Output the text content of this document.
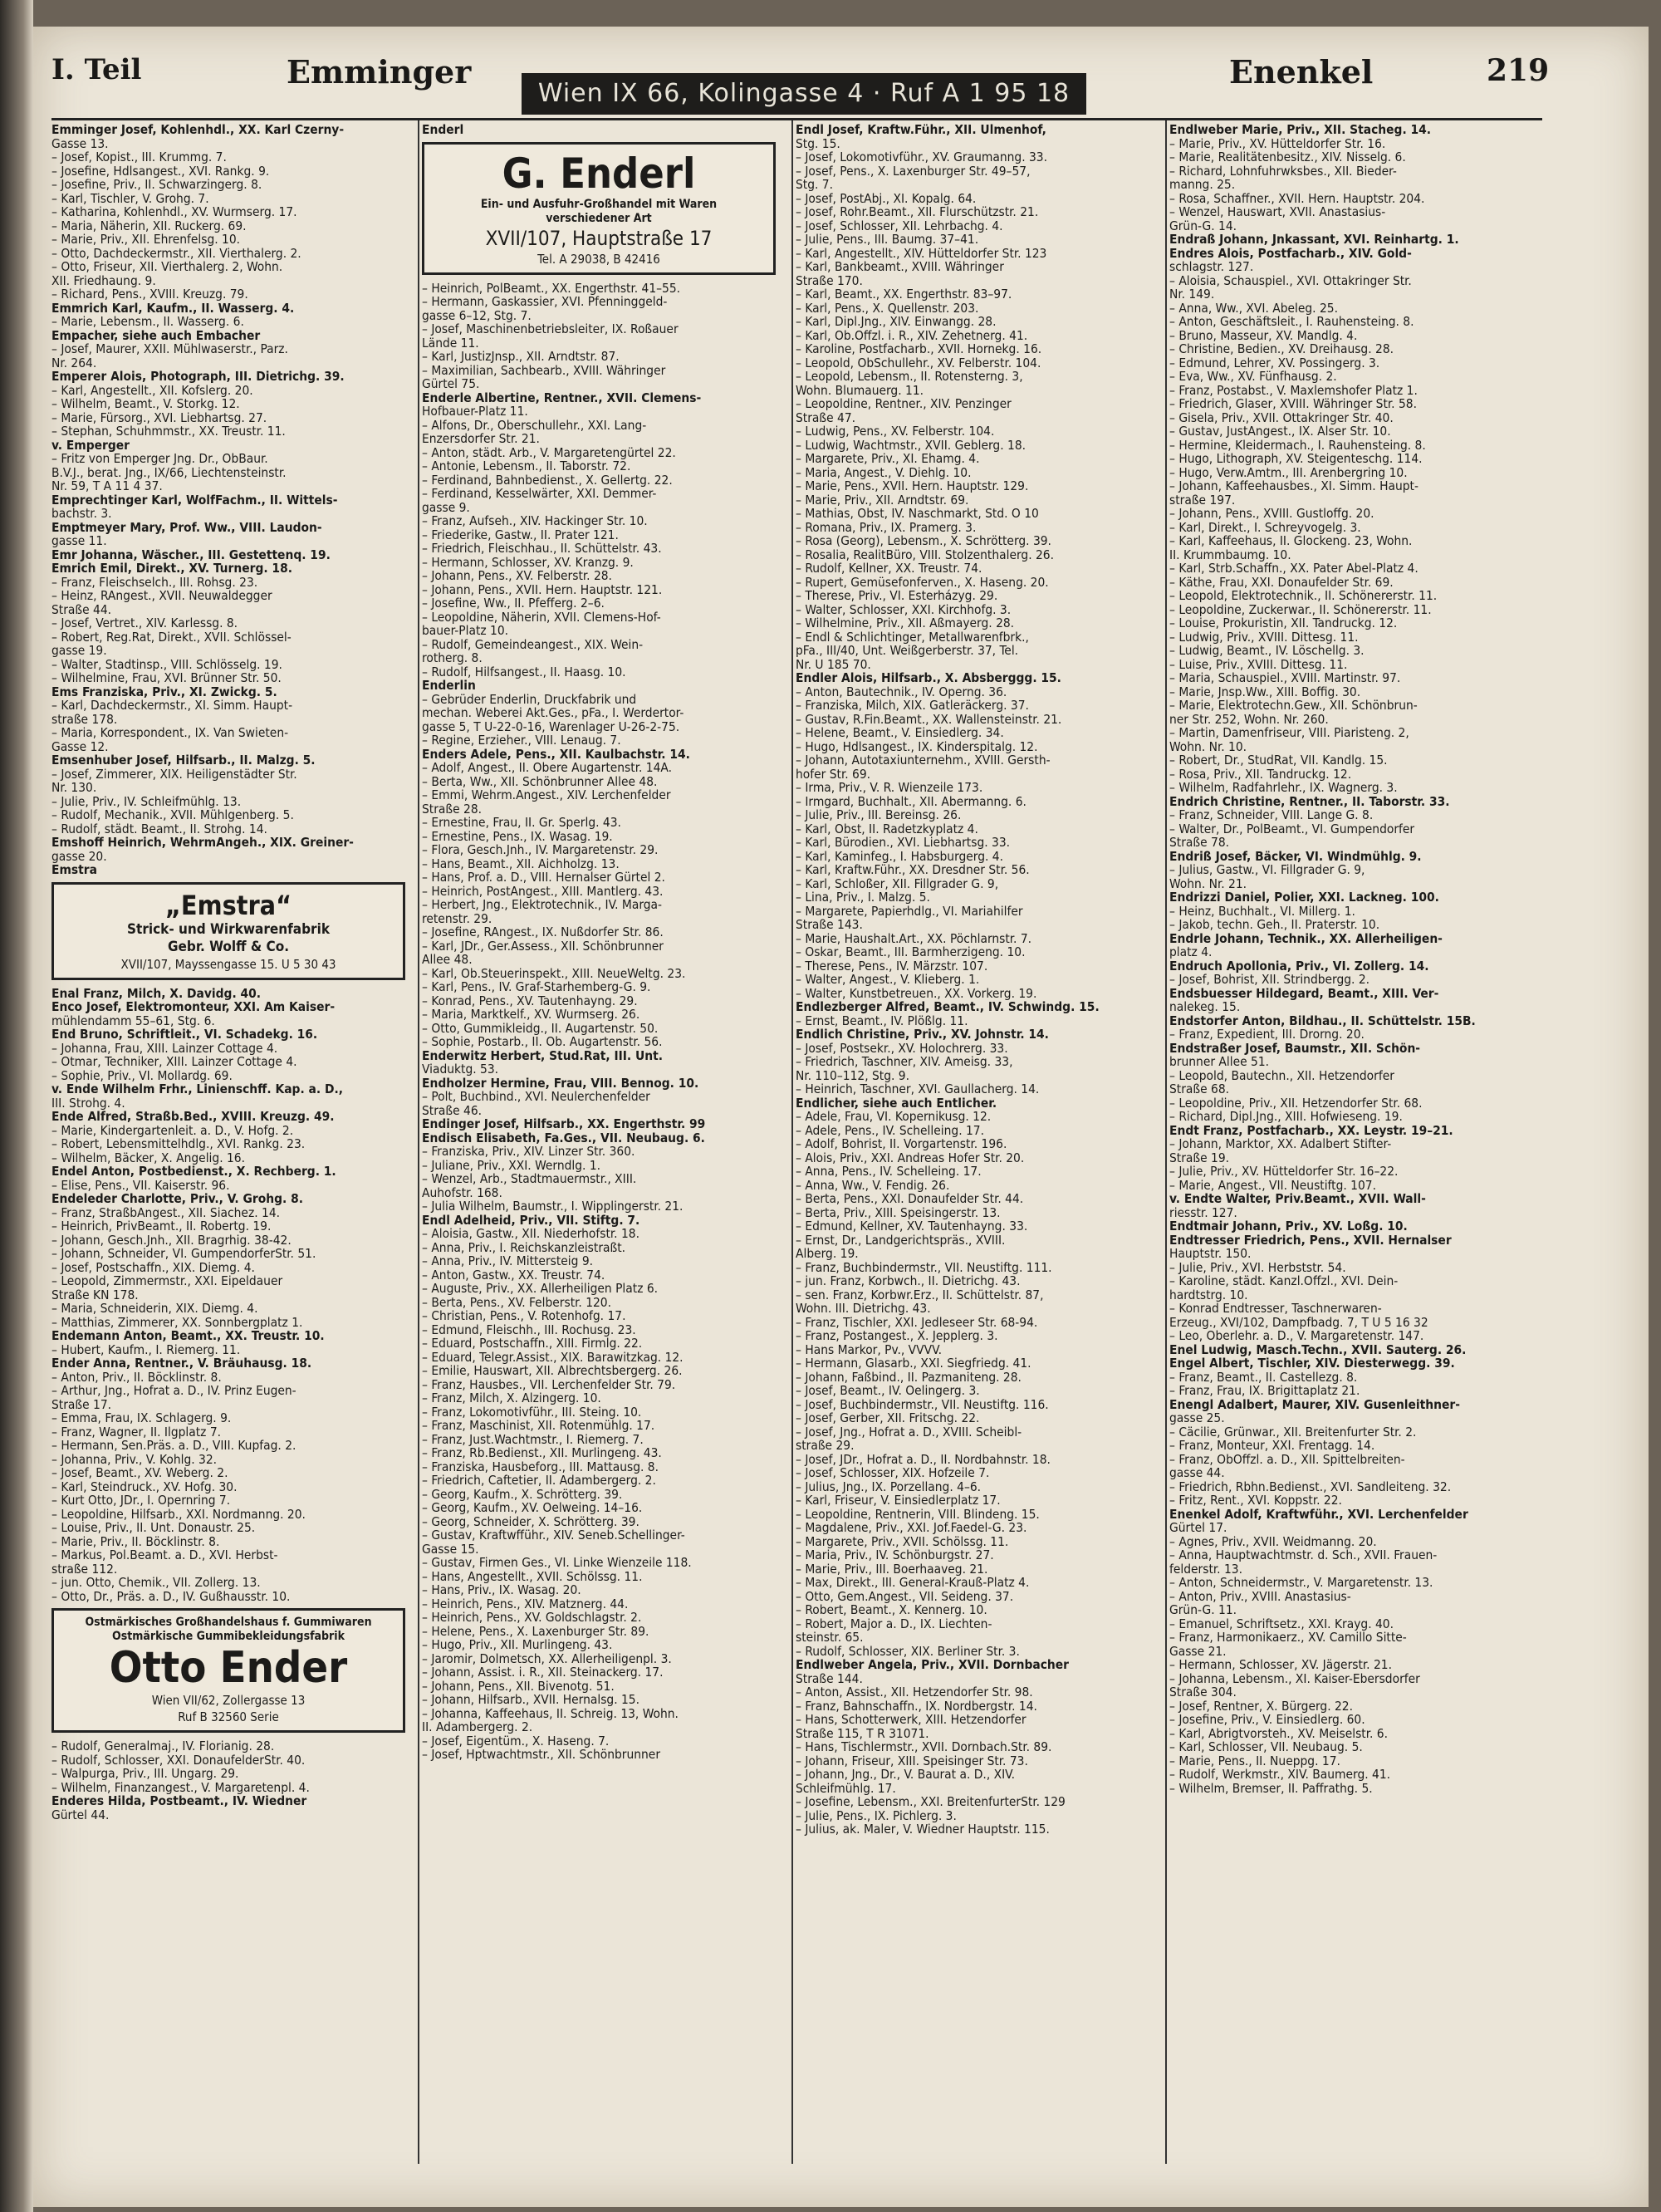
I. Teil	Emminger
Wien IX 66, Kolingasse 4 · Ruf A 1 95 18
Enenkel	219
Emminger Josef, Kohlenhdl., XX. Karl Czerny-
Gasse 13.
– Josef, Kopist., III. Krummg. 7.
– Josefine, Hdlsangest., XVI. Rankg. 9.
– Josefine, Priv., II. Schwarzingerg. 8.
– Karl, Tischler, V. Grohg. 7.
– Katharina, Kohlenhdl., XV. Wurmserg. 17.
– Maria, Näherin, XII. Ruckerg. 69.
– Marie, Priv., XII. Ehrenfelsg. 10.
– Otto, Dachdeckermstr., XII. Vierthalerg. 2.
– Otto, Friseur, XII. Vierthalerg. 2, Wohn.
XII. Friedhaung. 9.
– Richard, Pens., XVIII. Kreuzg. 79.
Emmrich Karl, Kaufm., II. Wasserg. 4.
– Marie, Lebensm., II. Wasserg. 6.
Empacher, siehe auch Embacher
– Josef, Maurer, XXII. Mühlwaserstr., Parz.
Nr. 264.
Emperer Alois, Photograph, III. Dietrichg. 39.
– Karl, Angestellt., XII. Kofslerg. 20.
– Wilhelm, Beamt., V. Storkg. 12.
– Marie, Fürsorg., XVI. Liebhartsg. 27.
– Stephan, Schuhmmstr., XX. Treustr. 11.
v. Emperger
– Fritz von Emperger Jng. Dr., ObBaur.
B.V.J., berat. Jng., IX/66, Liechtensteinstr.
Nr. 59, T A 11 4 37.
Emprechtinger Karl, WolfFachm., II. Wittels-
bachstr. 3.
Emptmeyer Mary, Prof. Ww., VIII. Laudon-
gasse 11.
Emr Johanna, Wäscher., III. Gestettenq. 19.
Emrich Emil, Direkt., XV. Turnerg. 18.
– Franz, Fleischselch., III. Rohsg. 23.
– Heinz, RAngest., XVII. Neuwaldegger
Straße 44.
– Josef, Vertret., XIV. Karlessg. 8.
– Robert, Reg.Rat, Direkt., XVII. Schlössel-
gasse 19.
– Walter, Stadtinsp., VIII. Schlösselg. 19.
– Wilhelmine, Frau, XVI. Brünner Str. 50.
Ems Franziska, Priv., XI. Zwickg. 5.
– Karl, Dachdeckermstr., XI. Simm. Haupt-
straße 178.
– Maria, Korrespondent., IX. Van Swieten-
Gasse 12.
Emsenhuber Josef, Hilfsarb., II. Malzg. 5.
– Josef, Zimmerer, XIX. Heiligenstädter Str.
Nr. 130.
– Julie, Priv., IV. Schleifmühlg. 13.
– Rudolf, Mechanik., XVII. Mühlgenberg. 5.
– Rudolf, städt. Beamt., II. Strohg. 14.
Emshoff Heinrich, WehrmAngeh., XIX. Greiner-
gasse 20.
Emstra
„Emstra“
Strick- und Wirkwarenfabrik
Gebr. Wolff & Co.
XVII/107, Mayssengasse 15. U 5 30 43
Enal Franz, Milch, X. Davidg. 40.
Enco Josef, Elektromonteur, XXI. Am Kaiser-
mühlendamm 55–61, Stg. 6.
End Bruno, Schriftleit., VI. Schadekg. 16.
– Johanna, Frau, XIII. Lainzer Cottage 4.
– Otmar, Techniker, XIII. Lainzer Cottage 4.
– Sophie, Priv., VI. Mollardg. 69.
v. Ende Wilhelm Frhr., Linienschff. Kap. a. D.,
III. Strohg. 4.
Ende Alfred, Straßb.Bed., XVIII. Kreuzg. 49.
– Marie, Kindergartenleit. a. D., V. Hofg. 2.
– Robert, Lebensmittelhdlg., XVI. Rankg. 23.
– Wilhelm, Bäcker, X. Angelig. 16.
Endel Anton, Postbedienst., X. Rechberg. 1.
– Elise, Pens., VII. Kaiserstr. 96.
Endeleder Charlotte, Priv., V. Grohg. 8.
– Franz, StraßbAngest., XII. Siachez. 14.
– Heinrich, PrivBeamt., II. Robertg. 19.
– Johann, Gesch.Jnh., XII. Bragrhig. 38-42.
– Johann, Schneider, VI. GumpendorferStr. 51.
– Josef, Postschaffn., XIX. Diemg. 4.
– Leopold, Zimmermstr., XXI. Eipeldauer
Straße KN 178.
– Maria, Schneiderin, XIX. Diemg. 4.
– Matthias, Zimmerer, XX. Sonnbergplatz 1.
Endemann Anton, Beamt., XX. Treustr. 10.
– Hubert, Kaufm., I. Riemerg. 11.
Ender Anna, Rentner., V. Bräuhausg. 18.
– Anton, Priv., II. Böcklinstr. 8.
– Arthur, Jng., Hofrat a. D., IV. Prinz Eugen-
Straße 17.
– Emma, Frau, IX. Schlagerg. 9.
– Franz, Wagner, II. Ilgplatz 7.
– Hermann, Sen.Präs. a. D., VIII. Kupfag. 2.
– Johanna, Priv., V. Kohlg. 32.
– Josef, Beamt., XV. Weberg. 2.
– Karl, Steindruck., XV. Hofg. 30.
– Kurt Otto, JDr., I. Opernring 7.
– Leopoldine, Hilfsarb., XXI. Nordmanng. 20.
– Louise, Priv., II. Unt. Donaustr. 25.
– Marie, Priv., II. Böcklinstr. 8.
– Markus, Pol.Beamt. a. D., XVI. Herbst-
straße 112.
– jun. Otto, Chemik., VII. Zollerg. 13.
– Otto, Dr., Präs. a. D., IV. Gußhausstr. 10.
Ostmärkisches Großhandelshaus f. Gummiwaren
Ostmärkische Gummibekleidungsfabrik
Otto Ender
Wien VII/62, Zollergasse 13
Ruf B 32560 Serie
– Rudolf, Generalmaj., IV. Florianig. 28.
– Rudolf, Schlosser, XXI. DonaufelderStr. 40.
– Walpurga, Priv., III. Ungarg. 29.
– Wilhelm, Finanzangest., V. Margaretenpl. 4.
Enderes Hilda, Postbeamt., IV. Wiedner
Gürtel 44.
Enderl
G. Enderl
Ein- und Ausfuhr-Großhandel mit Waren
verschiedener Art
XVII/107, Hauptstraße 17
Tel. A 29038, B 42416
– Heinrich, PolBeamt., XX. Engerthstr. 41–55.
– Hermann, Gaskassier, XVI. Pfenninggeld-
gasse 6–12, Stg. 7.
– Josef, Maschinenbetriebsleiter, IX. Roßauer
Lände 11.
– Karl, JustizJnsp., XII. Arndtstr. 87.
– Maximilian, Sachbearb., XVIII. Währinger
Gürtel 75.
Enderle Albertine, Rentner., XVII. Clemens-
Hofbauer-Platz 11.
– Alfons, Dr., Oberschullehr., XXI. Lang-
Enzersdorfer Str. 21.
– Anton, städt. Arb., V. Margaretengürtel 22.
– Antonie, Lebensm., II. Taborstr. 72.
– Ferdinand, Bahnbedienst., X. Gellertg. 22.
– Ferdinand, Kesselwärter, XXI. Demmer-
gasse 9.
– Franz, Aufseh., XIV. Hackinger Str. 10.
– Friederike, Gastw., II. Prater 121.
– Friedrich, Fleischhau., II. Schüttelstr. 43.
– Hermann, Schlosser, XV. Kranzg. 9.
– Johann, Pens., XV. Felberstr. 28.
– Johann, Pens., XVII. Hern. Hauptstr. 121.
– Josefine, Ww., II. Pfefferg. 2–6.
– Leopoldine, Näherin, XVII. Clemens-Hof-
bauer-Platz 10.
– Rudolf, Gemeindeangest., XIX. Wein-
rotherg. 8.
– Rudolf, Hilfsangest., II. Haasg. 10.
Enderlin
– Gebrüder Enderlin, Druckfabrik und
mechan. Weberei Akt.Ges., pFa., I. Werdertor-
gasse 5, T U-22-0-16, Warenlager U-26-2-75.
– Regine, Erzieher., VIII. Lenaug. 7.
Enders Adele, Pens., XII. Kaulbachstr. 14.
– Adolf, Angest., II. Obere Augartenstr. 14A.
– Berta, Ww., XII. Schönbrunner Allee 48.
– Emmi, Wehrm.Angest., XIV. Lerchenfelder
Straße 28.
– Ernestine, Frau, II. Gr. Sperlg. 43.
– Ernestine, Pens., IX. Wasag. 19.
– Flora, Gesch.Jnh., IV. Margaretenstr. 29.
– Hans, Beamt., XII. Aichholzg. 13.
– Hans, Prof. a. D., VIII. Hernalser Gürtel 2.
– Heinrich, PostAngest., XIII. Mantlerg. 43.
– Herbert, Jng., Elektrotechnik., IV. Marga-
retenstr. 29.
– Josefine, RAngest., IX. Nußdorfer Str. 86.
– Karl, JDr., Ger.Assess., XII. Schönbrunner
Allee 48.
– Karl, Ob.Steuerinspekt., XIII. NeueWeltg. 23.
– Karl, Pens., IV. Graf-Starhemberg-G. 9.
– Konrad, Pens., XV. Tautenhayng. 29.
– Maria, Marktkelf., XV. Wurmserg. 26.
– Otto, Gummikleidg., II. Augartenstr. 50.
– Sophie, Postarb., II. Ob. Augartenstr. 56.
Enderwitz Herbert, Stud.Rat, III. Unt.
Viaduktg. 53.
Endholzer Hermine, Frau, VIII. Bennog. 10.
– Polt, Buchbind., XVI. Neulerchenfelder
Straße 46.
Endinger Josef, Hilfsarb., XX. Engerthstr. 99
Endisch Elisabeth, Fa.Ges., VII. Neubaug. 6.
– Franziska, Priv., XIV. Linzer Str. 360.
– Juliane, Priv., XXI. Werndlg. 1.
– Wenzel, Arb., Stadtmauermstr., XIII.
Auhofstr. 168.
– Julia Wilhelm, Baumstr., I. Wipplingerstr. 21.
Endl Adelheid, Priv., VII. Stiftg. 7.
– Aloisia, Gastw., XII. Niederhofstr. 18.
– Anna, Priv., I. Reichskanzleistraßt.
– Anna, Priv., IV. Mittersteig 9.
– Anton, Gastw., XX. Treustr. 74.
– Auguste, Priv., XX. Allerheiligen Platz 6.
– Berta, Pens., XV. Felberstr. 120.
– Christian, Pens., V. Rotenhofg. 17.
– Edmund, Fleischh., III. Rochusg. 23.
– Eduard, Postschaffn., XIII. Firmlg. 22.
– Eduard, Telegr.Assist., XIX. Barawitzkag. 12.
– Emilie, Hauswart, XII. Albrechtsbergerg. 26.
– Franz, Hausbes., VII. Lerchenfelder Str. 79.
– Franz, Milch, X. Alzingerg. 10.
– Franz, Lokomotivführ., III. Steing. 10.
– Franz, Maschinist, XII. Rotenmühlg. 17.
– Franz, Just.Wachtmstr., I. Riemerg. 7.
– Franz, Rb.Bedienst., XII. Murlingeng. 43.
– Franziska, Hausbeforg., III. Mattausg. 8.
– Friedrich, Caftetier, II. Adambergerg. 2.
– Georg, Kaufm., X. Schrötterg. 39.
– Georg, Kaufm., XV. Oelweing. 14–16.
– Georg, Schneider, X. Schrötterg. 39.
– Gustav, Kraftwfführ., XIV. Seneb.Schellinger-
Gasse 15.
– Gustav, Firmen Ges., VI. Linke Wienzeile 118.
– Hans, Angestellt., XVII. Schölssg. 11.
– Hans, Priv., IX. Wasag. 20.
– Heinrich, Pens., XIV. Matznerg. 44.
– Heinrich, Pens., XV. Goldschlagstr. 2.
– Helene, Pens., X. Laxenburger Str. 89.
– Hugo, Priv., XII. Murlingeng. 43.
– Jaromir, Dolmetsch, XX. Allerheiligenpl. 3.
– Johann, Assist. i. R., XII. Steinackerg. 17.
– Johann, Pens., XII. Bivenotg. 51.
– Johann, Hilfsarb., XVII. Hernalsg. 15.
– Johanna, Kaffeehaus, II. Schreig. 13, Wohn.
II. Adambergerg. 2.
– Josef, Eigentüm., X. Haseng. 7.
– Josef, Hptwachtmstr., XII. Schönbrunner
Endl Josef, Kraftw.Führ., XII. Ulmenhof,
Stg. 15.
– Josef, Lokomotivführ., XV. Graumanng. 33.
– Josef, Pens., X. Laxenburger Str. 49–57,
Stg. 7.
– Josef, PostAbj., XI. Kopalg. 64.
– Josef, Rohr.Beamt., XII. Flurschützstr. 21.
– Josef, Schlosser, XII. Lehrbachg. 4.
– Julie, Pens., III. Baumg. 37–41.
– Karl, Angestellt., XIV. Hütteldorfer Str. 123
– Karl, Bankbeamt., XVIII. Währinger
Straße 170.
– Karl, Beamt., XX. Engerthstr. 83–97.
– Karl, Pens., X. Quellenstr. 203.
– Karl, Dipl.Jng., XIV. Einwangg. 28.
– Karl, Ob.Offzl. i. R., XIV. Zehetnerg. 41.
– Karoline, Postfacharb., XVII. Hornekg. 16.
– Leopold, ObSchullehr., XV. Felberstr. 104.
– Leopold, Lebensm., II. Rotensterng. 3,
Wohn. Blumauerg. 11.
– Leopoldine, Rentner., XIV. Penzinger
Straße 47.
– Ludwig, Pens., XV. Felberstr. 104.
– Ludwig, Wachtmstr., XVII. Geblerg. 18.
– Margarete, Priv., XI. Ehamg. 4.
– Maria, Angest., V. Diehlg. 10.
– Marie, Pens., XVII. Hern. Hauptstr. 129.
– Marie, Priv., XII. Arndtstr. 69.
– Mathias, Obst, IV. Naschmarkt, Std. O 10
– Romana, Priv., IX. Pramerg. 3.
– Rosa (Georg), Lebensm., X. Schrötterg. 39.
– Rosalia, RealitBüro, VIII. Stolzenthalerg. 26.
– Rudolf, Kellner, XX. Treustr. 74.
– Rupert, Gemüsefonferven., X. Haseng. 20.
– Therese, Priv., VI. Esterházyg. 29.
– Walter, Schlosser, XXI. Kirchhofg. 3.
– Wilhelmine, Priv., XII. Aßmayerg. 28.
– Endl & Schlichtinger, Metallwarenfbrk.,
pFa., III/40, Unt. Weißgerberstr. 37, Tel.
Nr. U 185 70.
Endler Alois, Hilfsarb., X. Absberggg. 15.
– Anton, Bautechnik., IV. Operng. 36.
– Franziska, Milch, XIX. Gatleräckerg. 37.
– Gustav, R.Fin.Beamt., XX. Wallensteinstr. 21.
– Helene, Beamt., V. Einsiedlerg. 34.
– Hugo, Hdlsangest., IX. Kinderspitalg. 12.
– Johann, Autotaxiunternehm., XVIII. Gersth-
hofer Str. 69.
– Irma, Priv., V. R. Wienzeile 173.
– Irmgard, Buchhalt., XII. Abermanng. 6.
– Julie, Priv., III. Bereinsg. 26.
– Karl, Obst, II. Radetzkyplatz 4.
– Karl, Bürodien., XVI. Liebhartsg. 33.
– Karl, Kaminfeg., I. Habsburgerg. 4.
– Karl, Kraftw.Führ., XX. Dresdner Str. 56.
– Karl, Schloßer, XII. Fillgrader G. 9,
– Lina, Priv., I. Malzg. 5.
– Margarete, Papierhdlg., VI. Mariahilfer
Straße 143.
– Marie, Haushalt.Art., XX. Pöchlarnstr. 7.
– Oskar, Beamt., III. Barmherzigeng. 10.
– Therese, Pens., IV. Märzstr. 107.
– Walter, Angest., V. Klieberg. 1.
– Walter, Kunstbetreuen., XX. Vorkerg. 19.
Endlezberger Alfred, Beamt., IV. Schwindg. 15.
– Ernst, Beamt., IV. Plößlg. 11.
Endlich Christine, Priv., XV. Johnstr. 14.
– Josef, Postsekr., XV. Holochrerg. 33.
– Friedrich, Taschner, XIV. Ameisg. 33,
Nr. 110–112, Stg. 9.
– Heinrich, Taschner, XVI. Gaullacherg. 14.
Endlicher, siehe auch Entlicher.
– Adele, Frau, VI. Kopernikusg. 12.
– Adele, Pens., IV. Schelleing. 17.
– Adolf, Bohrist, II. Vorgartenstr. 196.
– Alois, Priv., XXI. Andreas Hofer Str. 20.
– Anna, Pens., IV. Schelleing. 17.
– Anna, Ww., V. Fendig. 26.
– Berta, Pens., XXI. Donaufelder Str. 44.
– Berta, Priv., XIII. Speisingerstr. 13.
– Edmund, Kellner, XV. Tautenhayng. 33.
– Ernst, Dr., Landgerichtspräs., XVIII.
Alberg. 19.
– Franz, Buchbindermstr., VII. Neustiftg. 111.
– jun. Franz, Korbwch., II. Dietrichg. 43.
– sen. Franz, Korbwr.Erz., II. Schüttelstr. 87,
Wohn. III. Dietrichg. 43.
– Franz, Tischler, XXI. Jedleseer Str. 68-94.
– Franz, Postangest., X. Jepplerg. 3.
– Hans Markor, Pv., VVVV.
– Hermann, Glasarb., XXI. Siegfriedg. 41.
– Johann, Faßbind., II. Pazmaniteng. 28.
– Josef, Beamt., IV. Oelingerg. 3.
– Josef, Buchbindermstr., VII. Neustiftg. 116.
– Josef, Gerber, XII. Fritschg. 22.
– Josef, Jng., Hofrat a. D., XVIII. Scheibl-
straße 29.
– Josef, JDr., Hofrat a. D., II. Nordbahnstr. 18.
– Josef, Schlosser, XIX. Hofzeile 7.
– Julius, Jng., IX. Porzellang. 4–6.
– Karl, Friseur, V. Einsiedlerplatz 17.
– Leopoldine, Rentnerin, VIII. Blindeng. 15.
– Magdalene, Priv., XXI. Jof.Faedel-G. 23.
– Margarete, Priv., XVII. Schölssg. 11.
– Maria, Priv., IV. Schönburgstr. 27.
– Marie, Priv., III. Boerhaaveg. 21.
– Max, Direkt., III. General-Krauß-Platz 4.
– Otto, Gem.Angest., VII. Seideng. 37.
– Robert, Beamt., X. Kennerg. 10.
– Robert, Major a. D., IX. Liechten-
steinstr. 65.
– Rudolf, Schlosser, XIX. Berliner Str. 3.
Endlweber Angela, Priv., XVII. Dornbacher
Straße 144.
– Anton, Assist., XII. Hetzendorfer Str. 98.
– Franz, Bahnschaffn., IX. Nordbergstr. 14.
– Hans, Schotterwerk, XIII. Hetzendorfer
Straße 115, T R 31071.
– Hans, Tischlermstr., XVII. Dornbach.Str. 89.
– Johann, Friseur, XIII. Speisinger Str. 73.
– Johann, Jng., Dr., V. Baurat a. D., XIV.
Schleifmühlg. 17.
– Josefine, Lebensm., XXI. BreitenfurterStr. 129
– Julie, Pens., IX. Pichlerg. 3.
– Julius, ak. Maler, V. Wiedner Hauptstr. 115.
Endlweber Marie, Priv., XII. Stacheg. 14.
– Marie, Priv., XV. Hütteldorfer Str. 16.
– Marie, Realitätenbesitz., XIV. Nisselg. 6.
– Richard, Lohnfuhrwksbes., XII. Bieder-
manng. 25.
– Rosa, Schaffner., XVII. Hern. Hauptstr. 204.
– Wenzel, Hauswart, XVII. Anastasius-
Grün-G. 14.
Endraß Johann, Jnkassant, XVI. Reinhartg. 1.
Endres Alois, Postfacharb., XIV. Gold-
schlagstr. 127.
– Aloisia, Schauspiel., XVI. Ottakringer Str.
Nr. 149.
– Anna, Ww., XVI. Abeleg. 25.
– Anton, Geschäftsleit., I. Rauhensteing. 8.
– Bruno, Masseur, XV. Mandlg. 4.
– Christine, Bedien., XV. Dreihausg. 28.
– Edmund, Lehrer, XV. Possingerg. 3.
– Eva, Ww., XV. Fünfhausg. 2.
– Franz, Postabst., V. Maxlemshofer Platz 1.
– Friedrich, Glaser, XVIII. Währinger Str. 58.
– Gisela, Priv., XVII. Ottakringer Str. 40.
– Gustav, JustAngest., IX. Alser Str. 10.
– Hermine, Kleidermach., I. Rauhensteing. 8.
– Hugo, Lithograph, XV. Steigenteschg. 114.
– Hugo, Verw.Amtm., III. Arenbergring 10.
– Johann, Kaffeehausbes., XI. Simm. Haupt-
straße 197.
– Johann, Pens., XVIII. Gustloffg. 20.
– Karl, Direkt., I. Schreyvogelg. 3.
– Karl, Kaffeehaus, II. Glockeng. 23, Wohn.
II. Krummbaumg. 10.
– Karl, Strb.Schaffn., XX. Pater Abel-Platz 4.
– Käthe, Frau, XXI. Donaufelder Str. 69.
– Leopold, Elektrotechnik., II. Schönererstr. 11.
– Leopoldine, Zuckerwar., II. Schönererstr. 11.
– Louise, Prokuristin, XII. Tandruckg. 12.
– Ludwig, Priv., XVIII. Dittesg. 11.
– Ludwig, Beamt., IV. Löschellg. 3.
– Luise, Priv., XVIII. Dittesg. 11.
– Maria, Schauspiel., XVIII. Martinstr. 97.
– Marie, Jnsp.Ww., XIII. Boffig. 30.
– Marie, Elektrotechn.Gew., XII. Schönbrun-
ner Str. 252, Wohn. Nr. 260.
– Martin, Damenfriseur, VIII. Piaristeng. 2,
Wohn. Nr. 10.
– Robert, Dr., StudRat, VII. Kandlg. 15.
– Rosa, Priv., XII. Tandruckg. 12.
– Wilhelm, Radfahrlehr., IX. Wagnerg. 3.
Endrich Christine, Rentner., II. Taborstr. 33.
– Franz, Schneider, VIII. Lange G. 8.
– Walter, Dr., PolBeamt., VI. Gumpendorfer
Straße 78.
Endriß Josef, Bäcker, VI. Windmühlg. 9.
– Julius, Gastw., VI. Fillgrader G. 9,
Wohn. Nr. 21.
Endrizzi Daniel, Polier, XXI. Lackneg. 100.
– Heinz, Buchhalt., VI. Millerg. 1.
– Jakob, techn. Geh., II. Praterstr. 10.
Endrle Johann, Technik., XX. Allerheiligen-
platz 4.
Endruch Apollonia, Priv., VI. Zollerg. 14.
– Josef, Bohrist, XII. Strindbergg. 2.
Endsbuesser Hildegard, Beamt., XIII. Ver-
nalekeg. 15.
Endstorfer Anton, Bildhau., II. Schüttelstr. 15B.
– Franz, Expedient, III. Drorng. 20.
Endstraßer Josef, Baumstr., XII. Schön-
brunner Allee 51.
– Leopold, Bautechn., XII. Hetzendorfer
Straße 68.
– Leopoldine, Priv., XII. Hetzendorfer Str. 68.
– Richard, Dipl.Jng., XIII. Hofwiesenɡ. 19.
Endt Franz, Postfacharb., XX. Leystr. 19–21.
– Johann, Marktor, XX. Adalbert Stifter-
Straße 19.
– Julie, Priv., XV. Hütteldorfer Str. 16–22.
– Marie, Angest., VII. Neustiftg. 107.
v. Endte Walter, Priv.Beamt., XVII. Wall-
riesstr. 127.
Endtmair Johann, Priv., XV. Loßg. 10.
Endtresser Friedrich, Pens., XVII. Hernalser
Hauptstr. 150.
– Julie, Priv., XVI. Herbststr. 54.
– Karoline, städt. Kanzl.Offzl., XVI. Dein-
hardtstrg. 10.
– Konrad Endtresser, Taschnerwaren-
Erzeug., XVI/102, Dampfbadg. 7, T U 5 16 32
– Leo, Oberlehr. a. D., V. Margaretenstr. 147.
Enel Ludwig, Masch.Techn., XVII. Sauterg. 26.
Engel Albert, Tischler, XIV. Diesterwegg. 39.
– Franz, Beamt., II. Castellezg. 8.
– Franz, Frau, IX. Brigittaplatz 21.
Enengl Adalbert, Maurer, XIV. Gusenleithner-
gasse 25.
– Cäcilie, Grünwar., XII. Breitenfurter Str. 2.
– Franz, Monteur, XXI. Frentagg. 14.
– Franz, ObOffzl. a. D., XII. Spittelbreiten-
gasse 44.
– Friedrich, Rbhn.Bedienst., XVI. Sandleiteng. 32.
– Fritz, Rent., XVI. Koppstr. 22.
Enenkel Adolf, Kraftwführ., XVI. Lerchenfelder
Gürtel 17.
– Agnes, Priv., XVII. Weidmanng. 20.
– Anna, Hauptwachtmstr. d. Sch., XVII. Frauen-
felderstr. 13.
– Anton, Schneidermstr., V. Margaretenstr. 13.
– Anton, Priv., XVIII. Anastasius-
Grün-G. 11.
– Emanuel, Schriftsetz., XXI. Krayg. 40.
– Franz, Harmonikaerz., XV. Camillo Sitte-
Gasse 21.
– Hermann, Schlosser, XV. Jägerstr. 21.
– Johanna, Lebensm., XI. Kaiser-Ebersdorfer
Straße 304.
– Josef, Rentner, X. Bürgerg. 22.
– Josefine, Priv., V. Einsiedlerg. 60.
– Karl, Abrigtvorsteh., XV. Meiselstr. 6.
– Karl, Schlosser, VII. Neubaug. 5.
– Marie, Pens., II. Nueppg. 17.
– Rudolf, Werkmstr., XIV. Baumerg. 41.
– Wilhelm, Bremser, II. Paffrathg. 5.
